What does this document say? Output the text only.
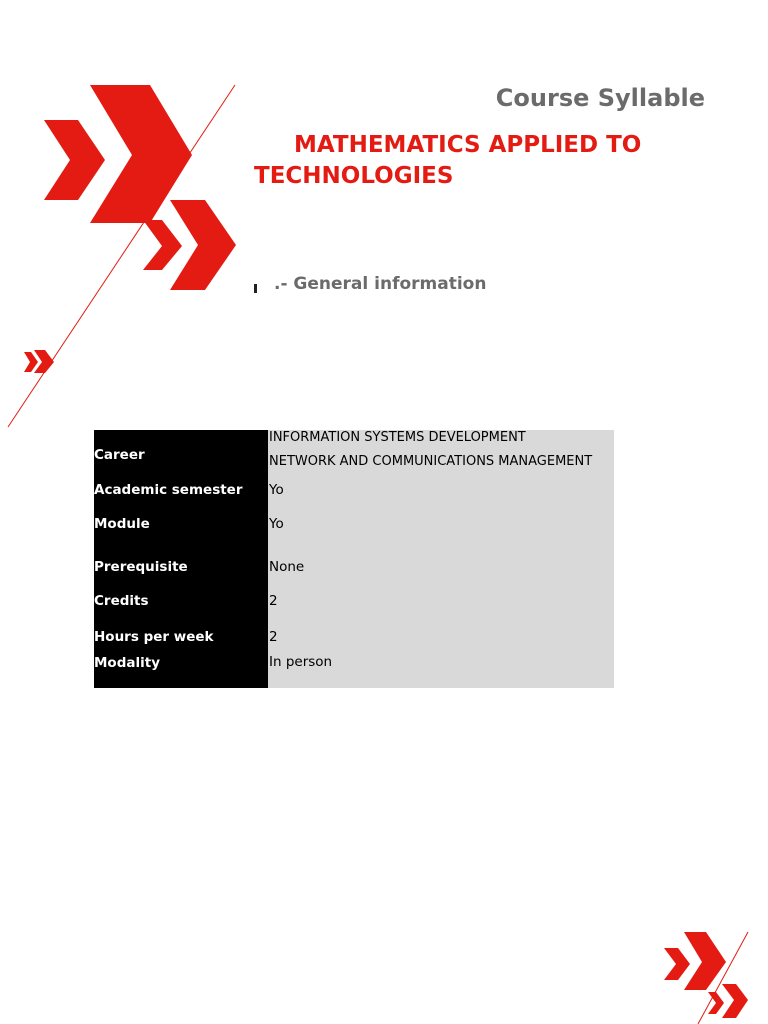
Course Syllable
MATHEMATICS APPLIED TO
TECHNOLOGIES
.- General information
Career
Academic semester
Module
Prerequisite
Credits
Hours per week
Modality
INFORMATION SYSTEMS DEVELOPMENT
NETWORK AND COMMUNICATIONS MANAGEMENT
Yo
Yo
None
2
2
In person
